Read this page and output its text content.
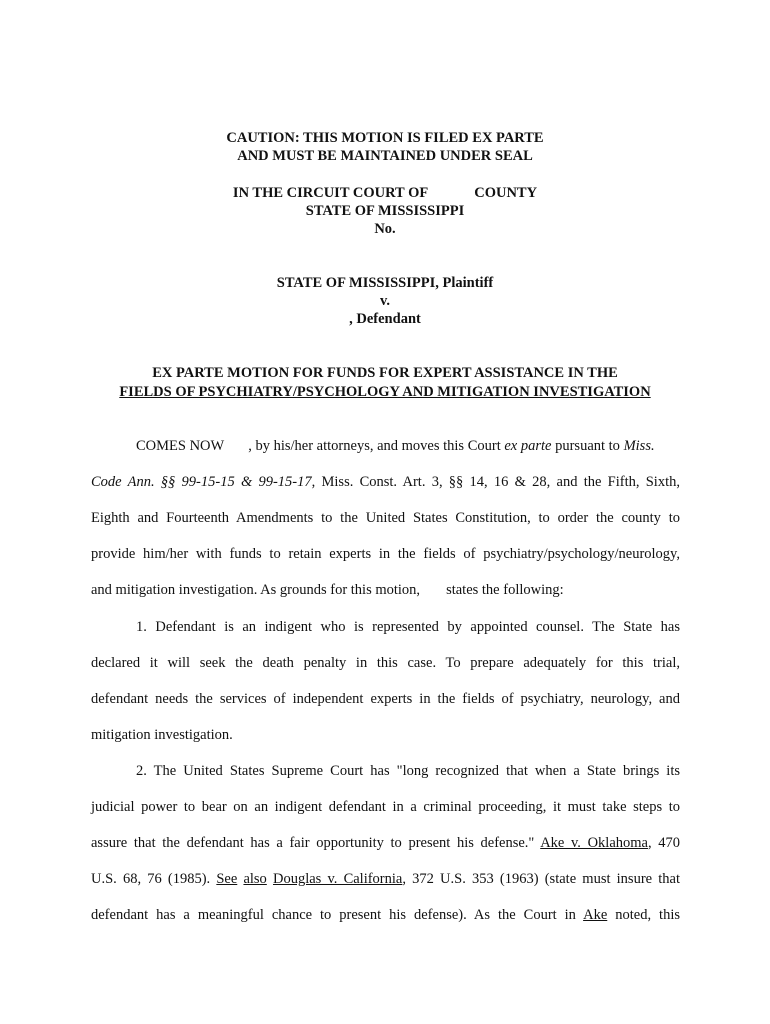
CAUTION: THIS MOTION IS FILED EX PARTE
AND MUST BE MAINTAINED UNDER SEAL
IN THE CIRCUIT COURT OF	COUNTY
STATE OF MISSISSIPPI
No.
STATE OF MISSISSIPPI, Plaintiff
v.
, Defendant
EX PARTE MOTION FOR FUNDS FOR EXPERT ASSISTANCE IN THE
FIELDS OF PSYCHIATRY/PSYCHOLOGY AND MITIGATION INVESTIGATION
COMES NOW , by his/her attorneys, and moves this Court ex parte pursuant to Miss.
Code Ann. §§ 99-15-15 & 99-15-17, Miss. Const. Art. 3, §§ 14, 16 & 28, and the Fifth, Sixth,
Eighth and Fourteenth Amendments to the United States Constitution, to order the county to
provide him/her with funds to retain experts in the fields of psychiatry/psychology/neurology,
and mitigation investigation. As grounds for this motion, states the following:
1. Defendant is an indigent who is represented by appointed counsel. The State has
declared it will seek the death penalty in this case. To prepare adequately for this trial,
defendant needs the services of independent experts in the fields of psychiatry, neurology, and
mitigation investigation.
2. The United States Supreme Court has "long recognized that when a State brings its
judicial power to bear on an indigent defendant in a criminal proceeding, it must take steps to
assure that the defendant has a fair opportunity to present his defense." Ake v. Oklahoma, 470
U.S. 68, 76 (1985). See also Douglas v. California, 372 U.S. 353 (1963) (state must insure that
defendant has a meaningful chance to present his defense). As the Court in Ake noted, this
